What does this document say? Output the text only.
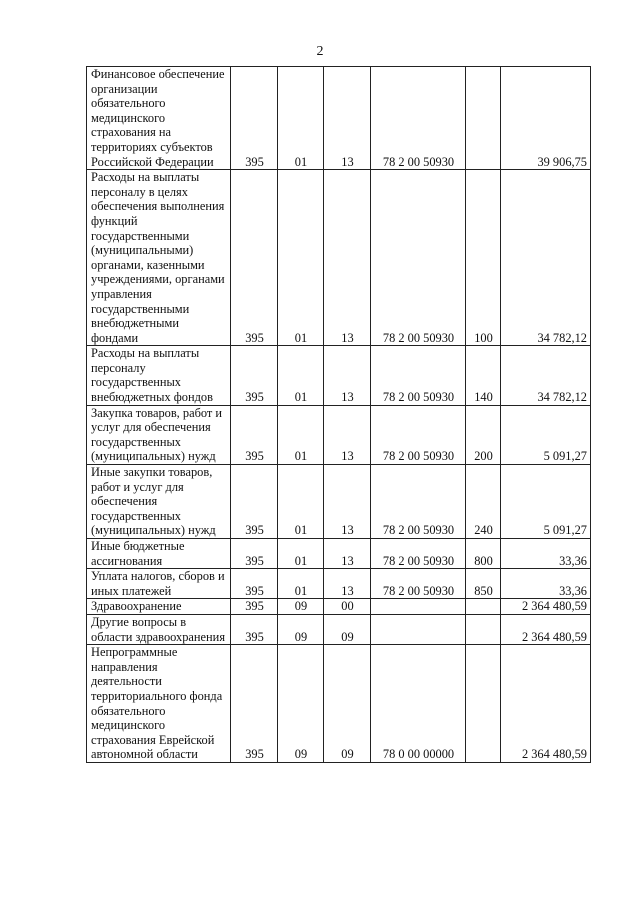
2
Финансовое обеспечение организации обязательного медицинского страхования на территориях субъектов Российской Федерации	395	01	13	78 2 00 50930		39 906,75
Расходы на выплаты персоналу в целях обеспечения выполнения функций государственными (муниципальными) органами, казенными учреждениями, органами управления государственными внебюджетными фондами	395	01	13	78 2 00 50930	100	34 782,12
Расходы на выплаты персоналу государственных внебюджетных фондов	395	01	13	78 2 00 50930	140	34 782,12
Закупка товаров, работ и услуг для обеспечения государственных (муниципальных) нужд	395	01	13	78 2 00 50930	200	5 091,27
Иные закупки товаров, работ и услуг для обеспечения государственных (муниципальных) нужд	395	01	13	78 2 00 50930	240	5 091,27
Иные бюджетные ассигнования	395	01	13	78 2 00 50930	800	33,36
Уплата налогов, сборов и иных платежей	395	01	13	78 2 00 50930	850	33,36
Здравоохранение	395	09	00			2 364 480,59
Другие вопросы в области здравоохранения	395	09	09			2 364 480,59
Непрограммные направления деятельности территориального фонда обязательного медицинского страхования Еврейской автономной области	395	09	09	78 0 00 00000		2 364 480,59
